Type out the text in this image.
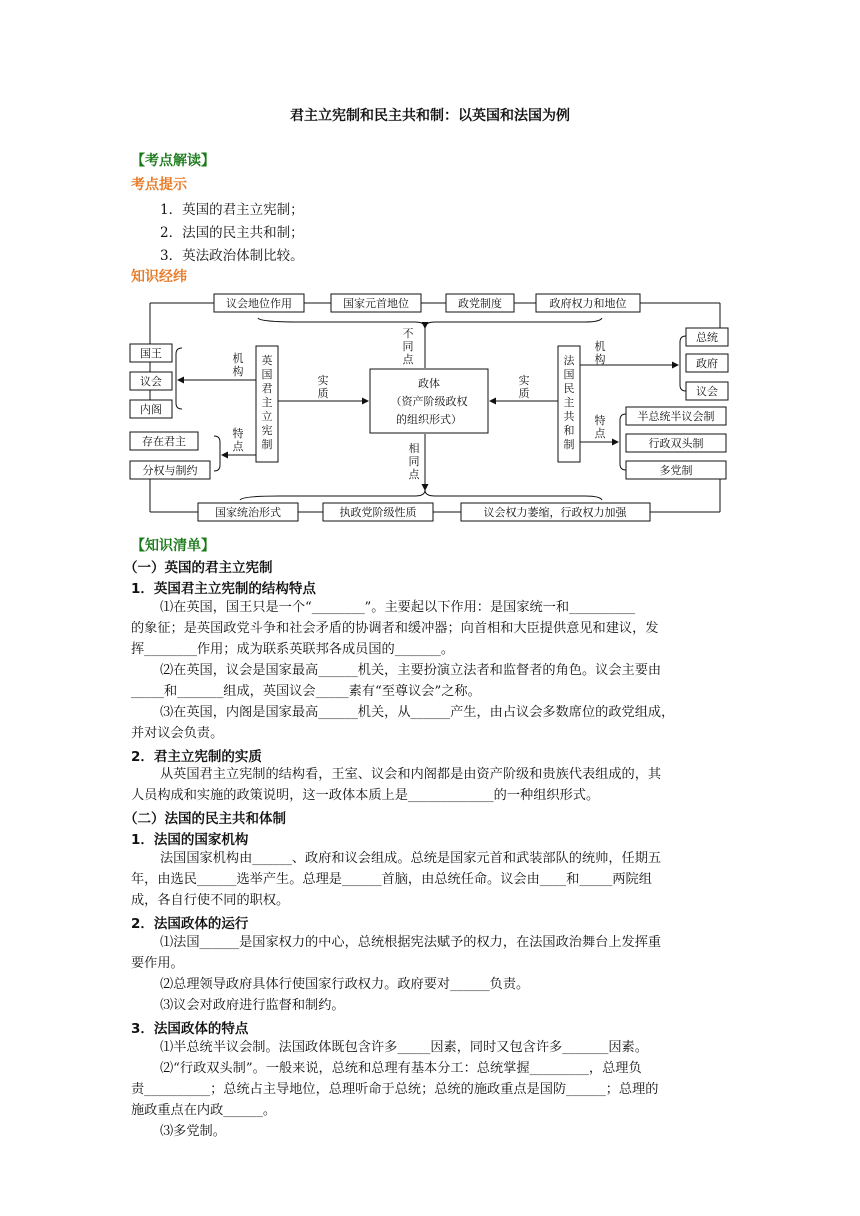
君主立宪制和民主共和制：以英国和法国为例
【考点解读】
考点提示
1．英国的君主立宪制；
2．法国的民主共和制；
3．英法政治体制比较。
知识经纬
议会地位作用	国家元首地位	政党制度	政府权力和地位
国家统治形式	执政党阶级性质	议会权力萎缩，行政权力加强
政体
（资产阶级政权
的组织形式）
不
同
点
相
同
点
实
质
实
质
机
构
特
点
机
构
特
点
英
国
君
主
立
宪
制
法
国
民
主
共
和
制
国王
议会
内阁
存在君主
分权与制约
总统
政府
议会
半总统半议会制
行政双头制
多党制
【知识清单】
（一）英国的君主立宪制
1．英国君主立宪制的结构特点
⑴在英国，国王只是一个“________”。主要起以下作用：是国家统一和__________
的象征；是英国政党斗争和社会矛盾的协调者和缓冲器；向首相和大臣提供意见和建议，发
挥________作用；成为联系英联邦各成员国的_______。
⑵在英国，议会是国家最高______机关，主要扮演立法者和监督者的角色。议会主要由
_____和_______组成，英国议会_____素有“至尊议会”之称。
⑶在英国，内阁是国家最高______机关，从______产生，由占议会多数席位的政党组成，
并对议会负责。
2．君主立宪制的实质
从英国君主立宪制的结构看，王室、议会和内阁都是由资产阶级和贵族代表组成的，其
人员构成和实施的政策说明，这一政体本质上是_____________的一种组织形式。
（二）法国的民主共和体制
1．法国的国家机构
法国国家机构由______、政府和议会组成。总统是国家元首和武装部队的统帅，任期五
年，由选民______选举产生。总理是______首脑，由总统任命。议会由____和_____两院组
成，各自行使不同的职权。
2．法国政体的运行
⑴法国______是国家权力的中心，总统根据宪法赋予的权力，在法国政治舞台上发挥重
要作用。
⑵总理领导政府具体行使国家行政权力。政府要对______负责。
⑶议会对政府进行监督和制约。
3．法国政体的特点
⑴半总统半议会制。法国政体既包含许多_____因素，同时又包含许多_______因素。
⑵“行政双头制”。一般来说，总统和总理有基本分工：总统掌握_________，总理负
责__________；总统占主导地位，总理听命于总统；总统的施政重点是国防______；总理的
施政重点在内政______。
⑶多党制。
